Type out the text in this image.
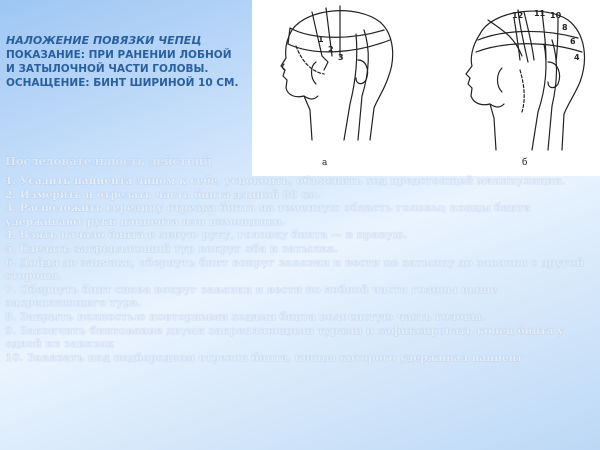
НАЛОЖЕНИЕ ПОВЯЗКИ ЧЕПЕЦ
ПОКАЗАНИЕ: ПРИ РАНЕНИИ ЛОБНОЙ
И ЗАТЫЛОЧНОЙ ЧАСТИ ГОЛОВЫ.
ОСНАЩЕНИЕ: БИНТ ШИРИНОЙ 10 СМ.
1
2
3
12 11 10
8
6
4
а	б
Последовательность действий
1. Усадить пациента лицом к себе, успокоить, объяснить ход предстоящей манипуляции.
2. Измерить и отрезать часть бинта длиной 80 см.
3. Расположить середину отрезка бинта на теменную область головы; концы бинта удерживают руки пациента или помощника.
4. Взять начало бинта в левую руку, головку бинта — в правую.
5. Сделать закрепляющий тур вокруг лба и затылка.
6. Дойдя до завязки, обернуть бинт вокруг завязки и вести по затылку до завязки с другой стороны.
7. Обернуть бинт снова вокруг завязки и вести по лобной части головы выше закрепляющего тура.
8. Закрыть полностью повторными ходами бинта волосистую часть головы.
9. Закончить бинтование двумя закрепляющими турами и зафиксировать конец бинта у одной из завязок
10. Завязать под подбородком отрезок бинта, концы которого удерживал пациент
